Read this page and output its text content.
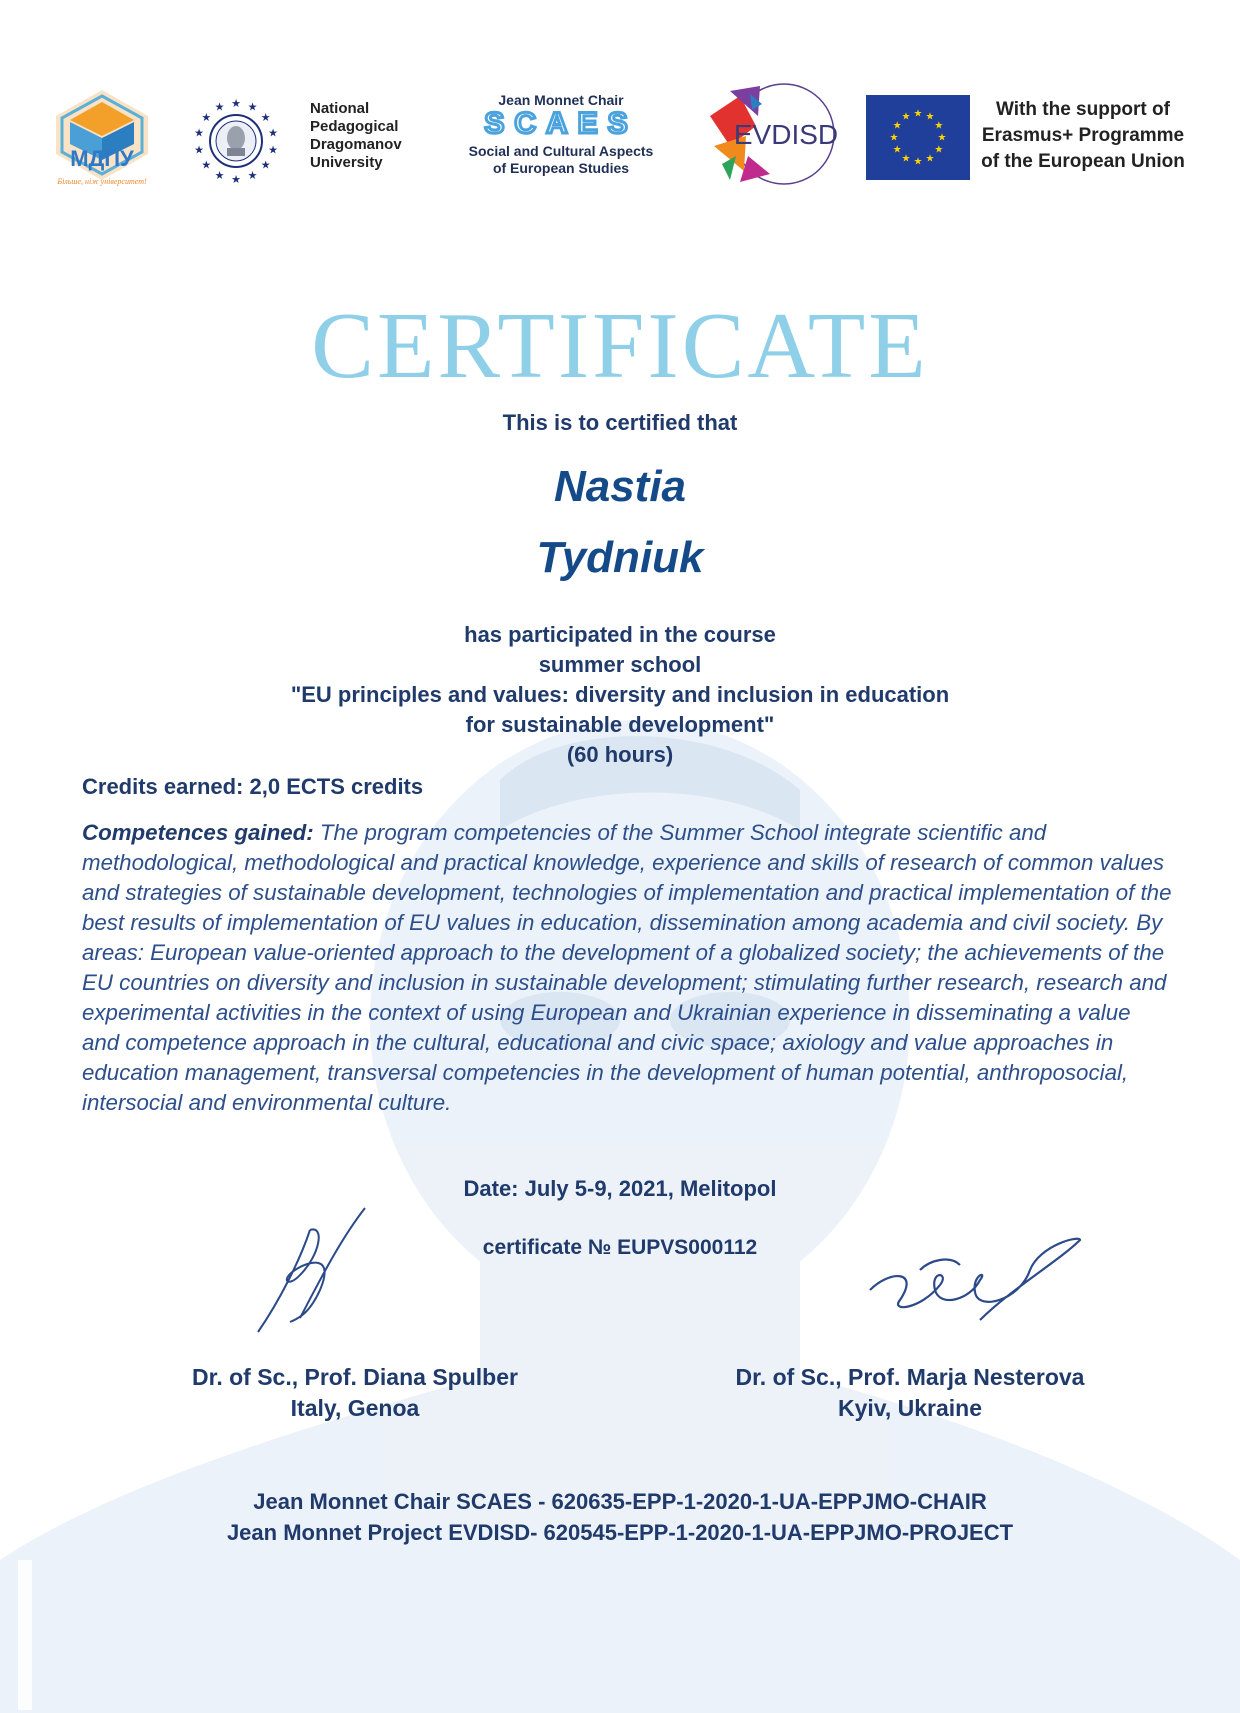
МДПУ
Більше, ніж університет!
★ ★
★
★
★
★
★
★
★
★
★
★
★
★	National
Pedagogical
Dragomanov
University
Jean Monnet Chair
SCAES
Social and Cultural Aspects
of European Studies
EVDISD
★ ★
★
★
★
★
★
★
★
★
★
★	With the support of
Erasmus+ Programme
of the European Union
CERTIFICATE
This is to certified that
Nastia
Tydniuk
has participated in the course
summer school
"EU principles and values: diversity and inclusion in education
for sustainable development"
(60 hours)
Credits earned: 2,0 ECTS credits
Competences gained: The program competencies of the Summer School integrate scientific and methodological, methodological and practical knowledge, experience and skills of research of common values and strategies of sustainable development, technologies of implementation and practical implementation of the best results of implementation of EU values in education, dissemination among academia and civil society. By areas: European value-oriented approach to the development of a globalized society; the achievements of the EU countries on diversity and inclusion in sustainable development; stimulating further research, research and experimental activities in the context of using European and Ukrainian experience in disseminating a value and competence approach in the cultural, educational and civic space; axiology and value approaches in education management, transversal competencies in the development of human potential, anthroposocial, intersocial and environmental culture.
Date: July 5-9, 2021, Melitopol
certificate № EUPVS000112
Dr. of Sc., Prof. Diana Spulber
Italy, Genoa
Dr. of Sc., Prof. Marja Nesterova
Kyiv, Ukraine
Jean Monnet Chair SCAES - 620635-EPP-1-2020-1-UA-EPPJMO-CHAIR
Jean Monnet Project EVDISD- 620545-EPP-1-2020-1-UA-EPPJMO-PROJECT
